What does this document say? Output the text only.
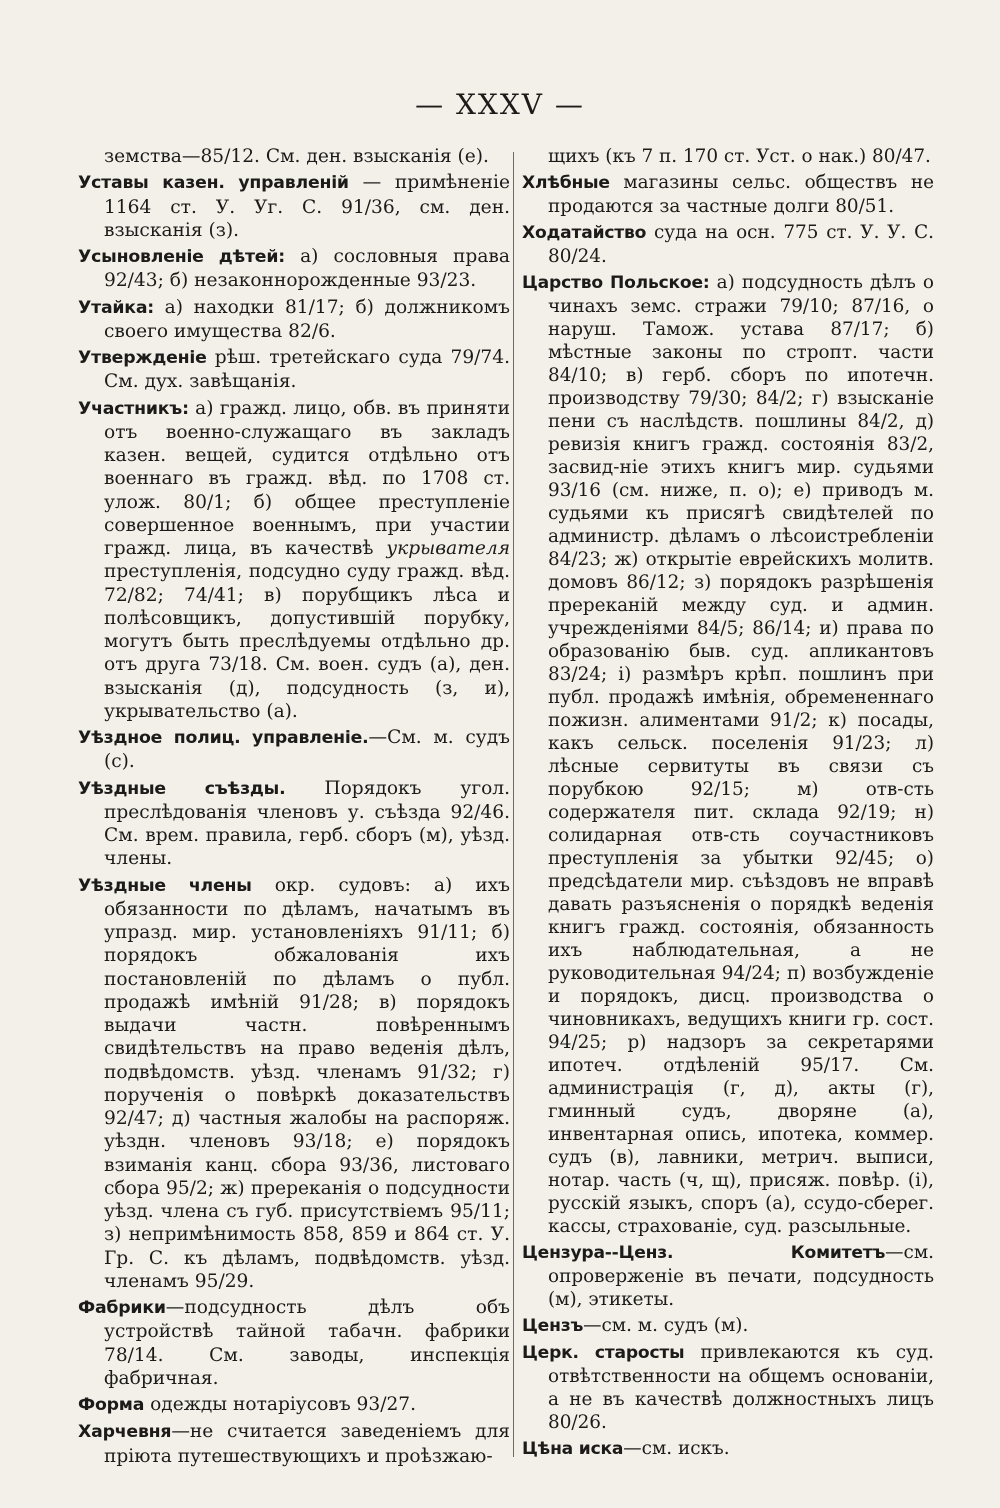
— XXXV —

земства—85/12. См. ден. взысканія (е).

Уставы казен. управленій — примѣненіе 1164 ст. У. Уг. С. 91/36, см. ден. взысканія (з).

Усыновленіе дѣтей: а) сословныя права 92/43; б) незаконнорожденные 93/23.

Утайка: а) находки 81/17; б) должникомъ своего имущества 82/6.

Утвержденіе рѣш. третейскаго суда 79/74. См. дух. завѣщанія.

Участникъ: а) гражд. лицо, обв. въ приняти отъ военно-служащаго въ закладъ казен. вещей, судится отдѣльно отъ военнаго въ гражд. вѣд. по 1708 ст. улож. 80/1; б) общее преступленіе совершенное военнымъ, при участии гражд. лица, въ качествѣ укрывателя преступленія, подсудно суду гражд. вѣд. 72/82; 74/41; в) порубщикъ лѣса и полѣсовщикъ, допустившій порубку, могутъ быть преслѣдуемы отдѣльно др. отъ друга 73/18. См. воен. судъ (а), ден. взысканія (д), подсудность (з, и), укрывательство (а).

Уѣздное полиц. управленіе.—См. м. судъ (с).

Уѣздные съѣзды. Порядокъ угол. преслѣдованія членовъ у. съѣзда 92/46. См. врем. правила, герб. сборъ (м), уѣзд. члены.

Уѣздные члены окр. судовъ: а) ихъ обязанности по дѣламъ, начатымъ въ упразд. мир. установленіяхъ 91/11; б) порядокъ обжалованія ихъ постановленій по дѣламъ о публ. продажѣ имѣній 91/28; в) порядокъ выдачи частн. повѣреннымъ свидѣтельствъ на право веденія дѣлъ, подвѣдомств. уѣзд. членамъ 91/32; г) порученія о повѣркѣ доказательствъ 92/47; д) частныя жалобы на распоряж. уѣздн. членовъ 93/18; е) порядокъ взиманія канц. сбора 93/36, листоваго сбора 95/2; ж) пререканія о подсудности уѣзд. члена съ губ. присутствіемъ 95/11; з) непримѣнимость 858, 859 и 864 ст. У. Гр. С. къ дѣламъ, подвѣдомств. уѣзд. членамъ 95/29.

Фабрики—подсудность дѣлъ объ устройствѣ тайной табачн. фабрики 78/14. См. заводы, инспекція фабричная.

Форма одежды нотаріусовъ 93/27.

Харчевня—не считается заведеніемъ для пріюта путешествующихъ и проѣзжаю-

щихъ (къ 7 п. 170 ст. Уст. о нак.) 80/47.

Хлѣбные магазины сельс. обществъ не продаются за частные долги 80/51.

Ходатайство суда на осн. 775 ст. У. У. С. 80/24.

Царство Польское: а) подсудность дѣлъ о чинахъ земс. стражи 79/10; 87/16, о наруш. Тамож. устава 87/17; б) мѣстные законы по стропт. части 84/10; в) герб. сборъ по ипотечн. производству 79/30; 84/2; г) взысканіе пени съ наслѣдств. пошлины 84/2, д) ревизія книгъ гражд. состоянія 83/2, засвид-ніе этихъ книгъ мир. судьями 93/16 (см. ниже, п. о); е) приводъ м. судьями къ присягѣ свидѣтелей по администр. дѣламъ о лѣсоистребленіи 84/23; ж) открытіе еврейскихъ молитв. домовъ 86/12; з) порядокъ разрѣшенія пререканій между суд. и админ. учрежденіями 84/5; 86/14; и) права по образованію быв. суд. апликантовъ 83/24; і) размѣръ крѣп. пошлинъ при публ. продажѣ имѣнія, обремененнаго пожизн. алиментами 91/2; к) посады, какъ сельск. поселенія 91/23; л) лѣсные сервитуты въ связи съ порубкою 92/15; м) отв-сть содержателя пит. склада 92/19; н) солидарная отв-сть соучастниковъ преступленія за убытки 92/45; о) предсѣдатели мир. съѣздовъ не вправѣ давать разъясненія о порядкѣ веденія книгъ гражд. состоянія, обязанность ихъ наблюдательная, а не руководительная 94/24; п) возбужденіе и порядокъ, дисц. производства о чиновникахъ, ведущихъ книги гр. сост. 94/25; р) надзоръ за секретарями ипотеч. отдѣленій 95/17. См. администрація (г, д), акты (г), гминный судъ, дворяне (а), инвентарная опись, ипотека, коммер. судъ (в), лавники, метрич. выписи, нотар. часть (ч, щ), присяж. повѣр. (і), русскій языкъ, споръ (а), ссудо-сберег. кассы, страхованіе, суд. разсыльные.

Цензура--Ценз. Комитетъ—см. опроверженіе въ печати, подсудность (м), этикеты.

Цензъ—см. м. судъ (м).

Церк. старосты привлекаются къ суд. отвѣтственности на общемъ основаніи, а не въ качествѣ должностныхъ лицъ 80/26.

Цѣна иска—см. искъ.
